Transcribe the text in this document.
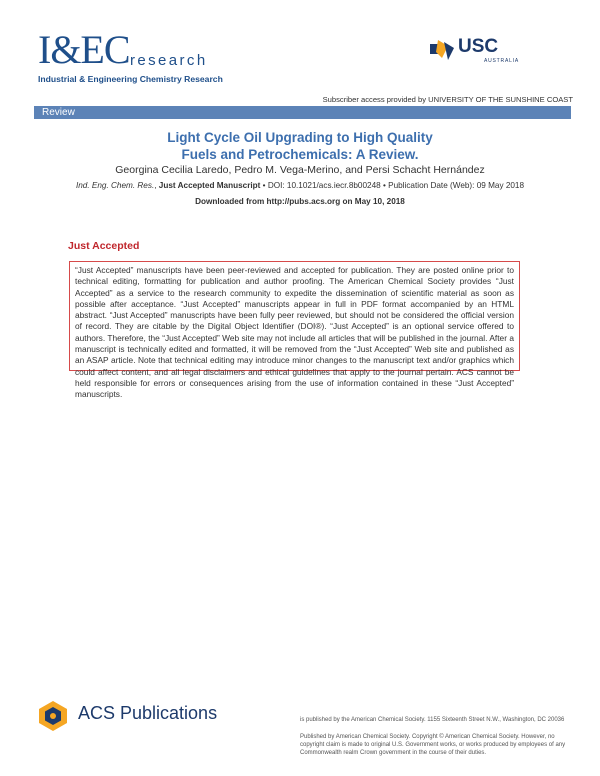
I&EC research
Industrial & Engineering Chemistry Research
USC
AUSTRALIA
Subscriber access provided by UNIVERSITY OF THE SUNSHINE COAST
Review
Light Cycle Oil Upgrading to High Quality
Fuels and Petrochemicals: A Review.
Georgina Cecilia Laredo, Pedro M. Vega-Merino, and Persi Schacht Hernández
Ind. Eng. Chem. Res., Just Accepted Manuscript • DOI: 10.1021/acs.iecr.8b00248 • Publication Date (Web): 09 May 2018
Downloaded from http://pubs.acs.org on May 10, 2018
Just Accepted

“Just Accepted” manuscripts have been peer-reviewed and accepted for publication. They are posted online prior to technical editing, formatting for publication and author proofing. The American Chemical Society provides “Just Accepted” as a service to the research community to expedite the dissemination of scientific material as soon as possible after acceptance. “Just Accepted” manuscripts appear in full in PDF format accompanied by an HTML abstract. “Just Accepted” manuscripts have been fully peer reviewed, but should not be considered the official version of record. They are citable by the Digital Object Identifier (DOI®). “Just Accepted” is an optional service offered to authors. Therefore, the “Just Accepted” Web site may not include all articles that will be published in the journal. After a manuscript is technically edited and formatted, it will be removed from the “Just Accepted” Web site and published as an ASAP article. Note that technical editing may introduce minor changes to the manuscript text and/or graphics which could affect content, and all legal disclaimers and ethical guidelines that apply to the journal pertain. ACS cannot be held responsible for errors or consequences arising from the use of information contained in these “Just Accepted” manuscripts.

ACS Publications	is published by the American Chemical Society. 1155 Sixteenth Street N.W., Washington, DC 20036
Published by American Chemical Society. Copyright © American Chemical Society. However, no copyright claim is made to original U.S. Government works, or works produced by employees of any Commonwealth realm Crown government in the course of their duties.
